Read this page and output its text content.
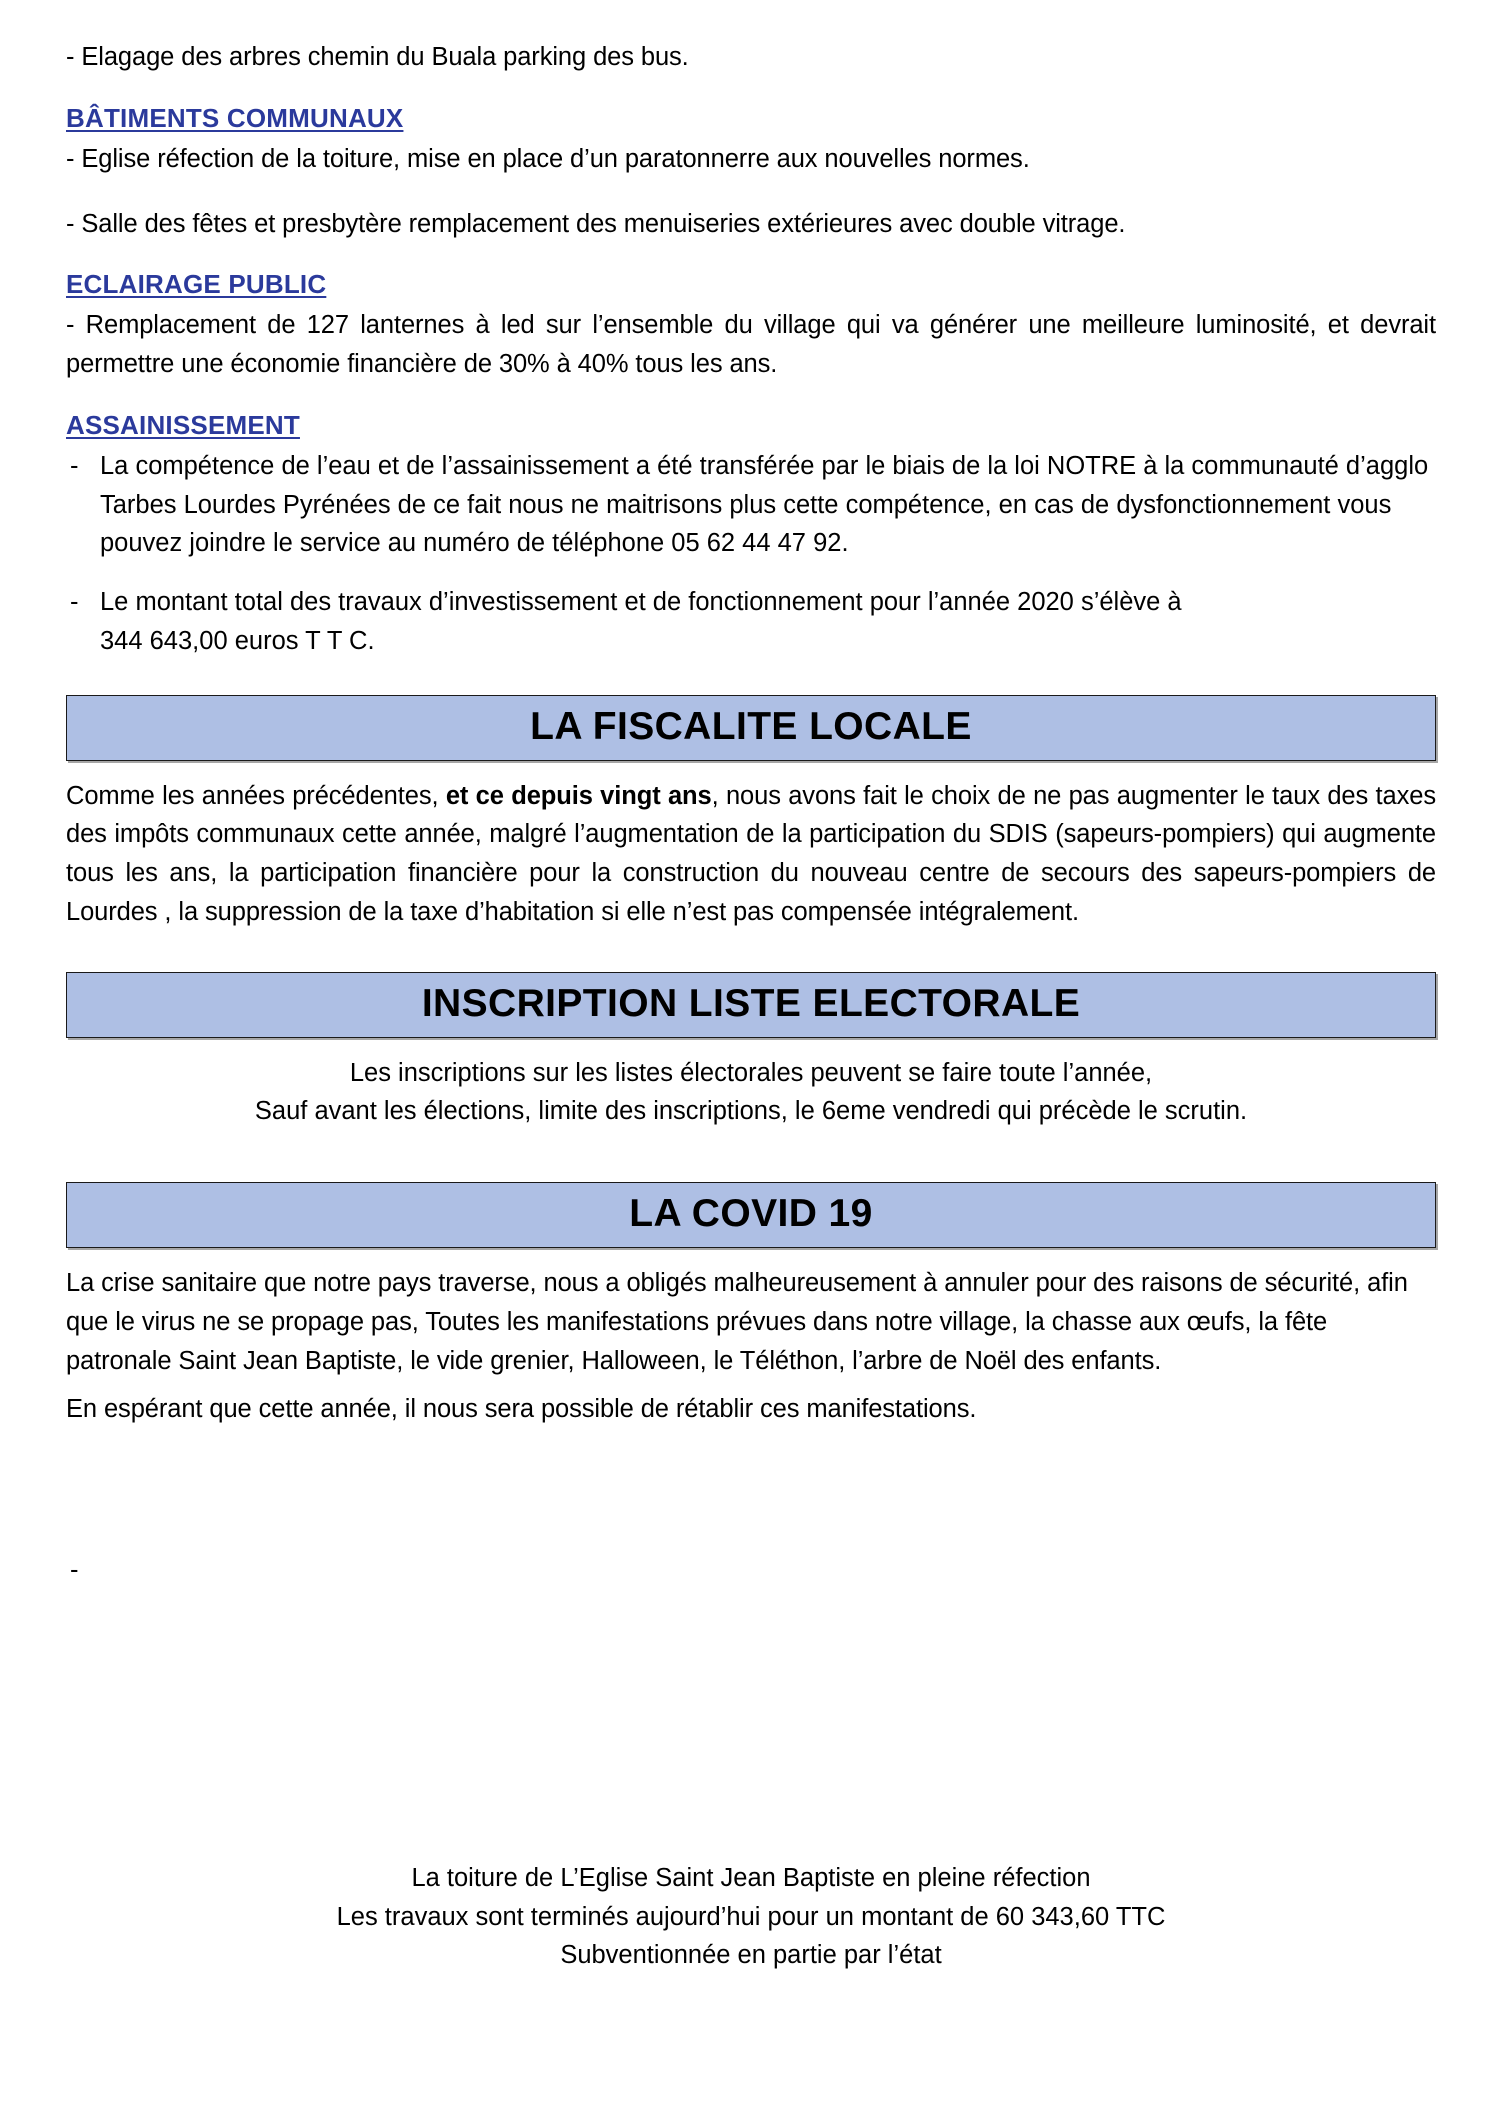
- Elagage des arbres chemin du Buala parking des bus.

BÂTIMENTS COMMUNAUX

- Eglise réfection de la toiture, mise en place d’un paratonnerre aux nouvelles normes.

- Salle des fêtes et presbytère remplacement des menuiseries extérieures avec double vitrage.

ECLAIRAGE PUBLIC

- Remplacement de 127 lanternes à led sur l’ensemble du village qui va générer une meilleure luminosité, et devrait permettre une économie financière de 30% à 40% tous les ans.

ASSAINISSEMENT
- La compétence de l’eau et de l’assainissement a été transférée par le biais de la loi NOTRE à la communauté d’agglo Tarbes Lourdes Pyrénées de ce fait nous ne maitrisons plus cette compétence, en cas de dysfonctionnement vous pouvez joindre le service au numéro de téléphone 05 62 44 47 92.
- Le montant total des travaux d’investissement et de fonctionnement pour l’année 2020 s’élève à
344 643,00 euros T T C.
LA FISCALITE LOCALE

Comme les années précédentes, et ce depuis vingt ans, nous avons fait le choix de ne pas augmenter le taux des taxes des impôts communaux cette année, malgré l’augmentation de la participation du SDIS (sapeurs-pompiers) qui augmente tous les ans, la participation financière pour la construction du nouveau centre de secours des sapeurs-pompiers de Lourdes , la suppression de la taxe d’habitation si elle n’est pas compensée intégralement.

INSCRIPTION LISTE ELECTORALE

Les inscriptions sur les listes électorales peuvent se faire toute l’année,

Sauf avant les élections, limite des inscriptions, le 6eme vendredi qui précède le scrutin.

LA COVID 19

La crise sanitaire que notre pays traverse, nous a obligés malheureusement à annuler pour des raisons de sécurité, afin que le virus ne se propage pas, Toutes les manifestations prévues dans notre village, la chasse aux œufs, la fête patronale Saint Jean Baptiste, le vide grenier, Halloween, le Téléthon, l’arbre de Noël des enfants.

En espérant que cette année, il nous sera possible de rétablir ces manifestations.

-
La toiture de L’Eglise Saint Jean Baptiste en pleine réfection
Les travaux sont terminés aujourd’hui pour un montant de 60 343,60 TTC
Subventionnée en partie par l’état
